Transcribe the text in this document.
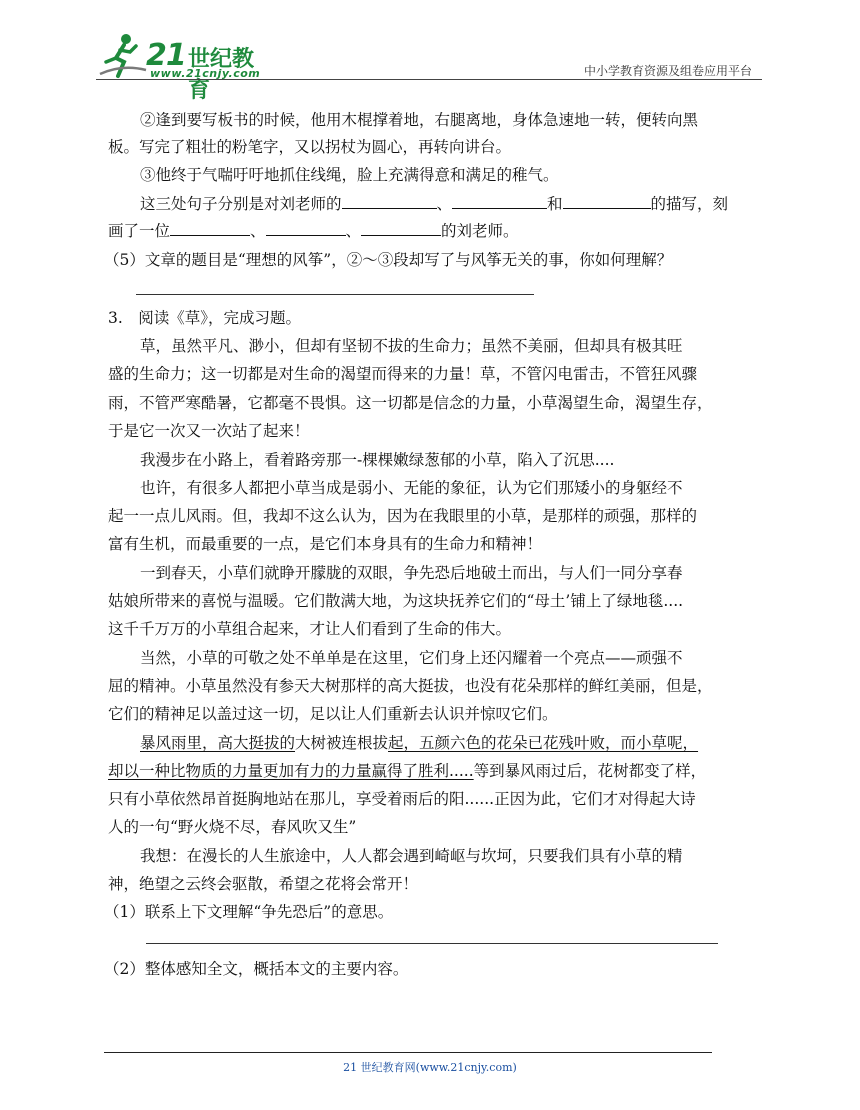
21 世纪教育
www.21cnjy.com	中小学教育资源及组卷应用平台
②逢到要写板书的时候，他用木棍撑着地，右腿离地，身体急速地一转，便转向黑
板。写完了粗壮的粉笔字，又以拐杖为圆心，再转向讲台。
③他终于气喘吁吁地抓住线绳，脸上充满得意和满足的稚气。
这三处句子分别是对刘老师的	、	和	的描写，刻
画了一位	、	、	的刘老师。
（5）文章的题目是“理想的风筝”，②～③段却写了与风筝无关的事，你如何理解？
3.　阅读《草》，完成习题。
草，虽然平凡、渺小，但却有坚韧不拔的生命力；虽然不美丽，但却具有极其旺
盛的生命力；这一切都是对生命的渴望而得来的力量！草，不管闪电雷击，不管狂风骤
雨，不管严寒酷暑，它都毫不畏惧。这一切都是信念的力量，小草渴望生命，渴望生存，
于是它一次又一次站了起来！
我漫步在小路上，看着路旁那一-棵棵嫩绿葱郁的小草，陷入了沉思....
也许，有很多人都把小草当成是弱小、无能的象征，认为它们那矮小的身躯经不
起一一点儿风雨。但，我却不这么认为，因为在我眼里的小草，是那样的顽强，那样的
富有生机，而最重要的一点，是它们本身具有的生命力和精神！
一到春天，小草们就睁开朦胧的双眼，争先恐后地破土而出，与人们一同分享春
姑娘所带来的喜悦与温暖。它们散满大地，为这块抚养它们的“母土’铺上了绿地毯....
这千千万万的小草组合起来，才让人们看到了生命的伟大。
当然，小草的可敬之处不单单是在这里，它们身上还闪耀着一个亮点——顽强不
屈的精神。小草虽然没有参天大树那样的高大挺拔，也没有花朵那样的鲜红美丽，但是，
它们的精神足以盖过这一切，足以让人们重新去认识并惊叹它们。
暴风雨里，高大挺拔的大树被连根拔起，五颜六色的花朵已花残叶败，而小草呢，
却以一种比物质的力量更加有力的力量赢得了胜利.....等到暴风雨过后，花树都变了样，
只有小草依然昂首挺胸地站在那儿，享受着雨后的阳......正因为此，它们才对得起大诗
人的一句“野火烧不尽，春风吹又生”
我想：在漫长的人生旅途中，人人都会遇到崎岖与坎坷，只要我们具有小草的精
神，绝望之云终会驱散，希望之花将会常开！
（1）联系上下文理解“争先恐后”的意思。
（2）整体感知全文，概括本文的主要内容。
21 世纪教育网(www.21cnjy.com)
